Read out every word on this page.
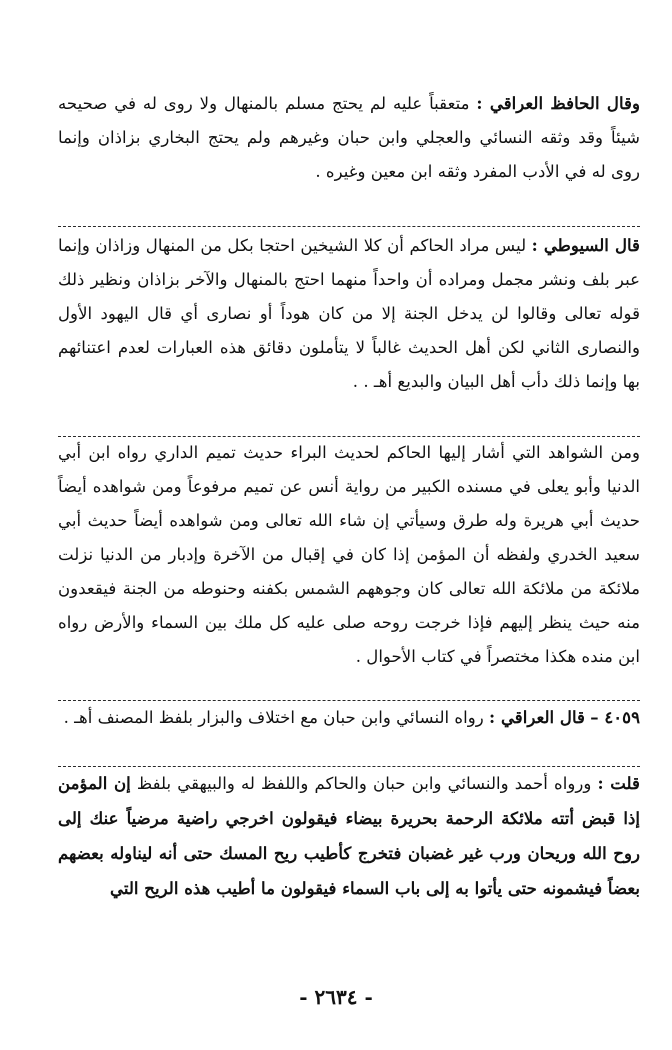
وقال الحافظ العراقي : متعقباً عليه لم يحتج مسلم بالمنهال ولا روى له في صحيحه شيئاً وقد وثقه النسائي والعجلي وابن حبان وغيرهم ولم يحتج البخاري بزاذان وإنما روى له في الأدب المفرد وثقه ابن معين وغيره .

قال السيوطي : ليس مراد الحاكم أن كلا الشيخين احتجا بكل من المنهال وزاذان وإنما عبر بلف ونشر مجمل ومراده أن واحداً منهما احتج بالمنهال والآخر بزاذان ونظير ذلك قوله تعالى وقالوا لن يدخل الجنة إلا من كان هوداً أو نصارى أي قال اليهود الأول والنصارى الثاني لكن أهل الحديث غالباً لا يتأملون دقائق هذه العبارات لعدم اعتنائهم بها وإنما ذلك دأب أهل البيان والبديع أهـ . .

ومن الشواهد التي أشار إليها الحاكم لحديث البراء حديث تميم الداري رواه ابن أبي الدنيا وأبو يعلى في مسنده الكبير من رواية أنس عن تميم مرفوعاً ومن شواهده أيضاً حديث أبي هريرة وله طرق وسيأتي إن شاء الله تعالى ومن شواهده أيضاً حديث أبي سعيد الخدري ولفظه أن المؤمن إذا كان في إقبال من الآخرة وإدبار من الدنيا نزلت ملائكة من ملائكة الله تعالى كان وجوههم الشمس بكفنه وحنوطه من الجنة فيقعدون منه حيث ينظر إليهم فإذا خرجت روحه صلى عليه كل ملك بين السماء والأرض رواه ابن منده هكذا مختصراً في كتاب الأحوال .

٤٠٥٩ – قال العراقي : رواه النسائي وابن حبان مع اختلاف والبزار بلفظ المصنف أهـ .

قلت : ورواه أحمد والنسائي وابن حبان والحاكم واللفظ له والبيهقي بلفظ إن المؤمن إذا قبض أتته ملائكة الرحمة بحريرة بيضاء فيقولون اخرجي راضية مرضياً عنك إلى روح الله وريحان ورب غير غضبان فتخرج كأطيب ريح المسك حتى أنه ليناوله بعضهم بعضاً فيشمونه حتى يأتوا به إلى باب السماء فيقولون ما أطيب هذه الريح التي

- ٢٦٣٤ -
